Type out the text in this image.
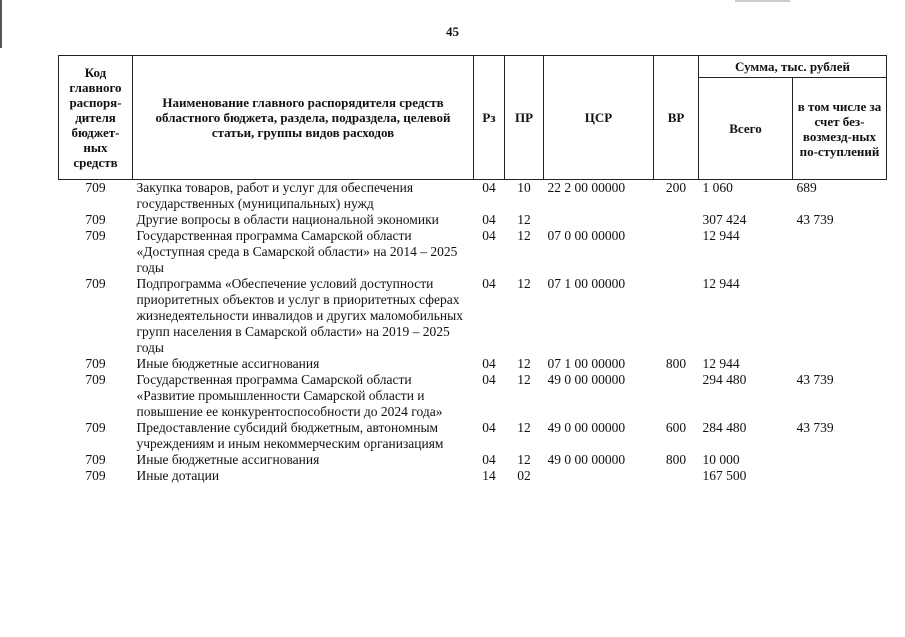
45
Код главного распоря-дителя бюджет-ных средств	Наименование главного распорядителя средств областного бюджета, раздела, подраздела, целевой статьи, группы видов расходов	Рз	ПР	ЦСР	ВР	Сумма, тыс. рублей	
						Всего	в том числе за счет без-возмезд-ных по-ступлений
709	Закупка товаров, работ и услуг для обеспечения государственных (муниципальных) нужд	04	10	22 2 00 00000	200	1 060	689
709	Другие вопросы в области национальной экономики	04	12			307 424	43 739
709	Государственная программа Самарской области «Доступная среда в Самарской области» на 2014 – 2025 годы	04	12	07 0 00 00000		12 944	
709	Подпрограмма «Обеспечение условий доступности приоритетных объектов и услуг в приоритетных сферах жизнедеятельности инвалидов и других маломобильных групп населения в Самарской области» на 2019 – 2025 годы	04	12	07 1 00 00000		12 944	
709	Иные бюджетные ассигнования	04	12	07 1 00 00000	800	12 944	
709	Государственная программа Самарской области «Развитие промышленности Самарской области и повышение ее конкурентоспособности до 2024 года»	04	12	49 0 00 00000		294 480	43 739
709	Предоставление субсидий бюджетным, автономным учреждениям и иным некоммерческим организациям	04	12	49 0 00 00000	600	284 480	43 739
709	Иные бюджетные ассигнования	04	12	49 0 00 00000	800	10 000	
709	Иные дотации	14	02			167 500	
